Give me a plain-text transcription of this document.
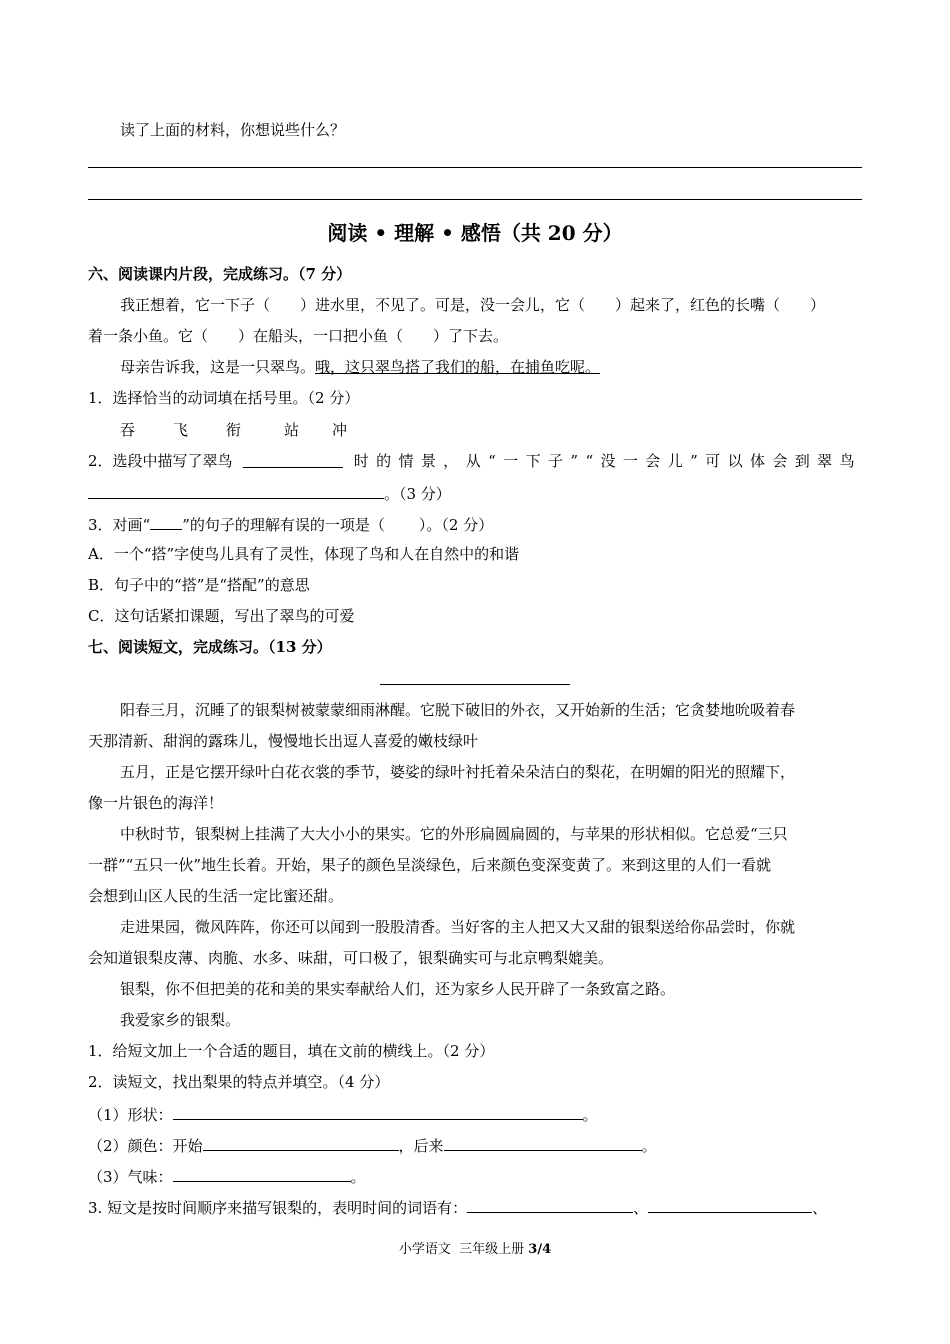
读了上面的材料，你想说些什么？
阅读 • 理解 • 感悟（共 20 分）
六、阅读课内片段，完成练习。（7 分）
我正想着，它一下子（ ）进水里，不见了。可是，没一会儿，它（ ）起来了，红色的长嘴（ ）
着一条小鱼。它（ ）在船头，一口把小鱼（ ）了下去。
母亲告诉我，这是一只翠鸟。哦，这只翠鸟搭了我们的船，在捕鱼吃呢。
1．选择恰当的动词填在括号里。（2 分）
吞	飞	衔	站 冲
2．选段中描写了翠鸟	时的情景，从“一下子”“没一会儿”可以体会到翠鸟
。（3 分）
3．对画“ ”的句子的理解有误的一项是（ ）。（2 分）
A．一个“搭”字使鸟儿具有了灵性，体现了鸟和人在自然中的和谐
B．句子中的“搭”是“搭配”的意思
C．这句话紧扣课题，写出了翠鸟的可爱
七、阅读短文，完成练习。（13 分）
阳春三月，沉睡了的银梨树被蒙蒙细雨淋醒。它脱下破旧的外衣，又开始新的生活；它贪婪地吮吸着春
天那清新、甜润的露珠儿，慢慢地长出逗人喜爱的嫩枝绿叶
五月，正是它摆开绿叶白花衣裳的季节，婆娑的绿叶衬托着朵朵洁白的梨花，在明媚的阳光的照耀下，
像一片银色的海洋！
中秋时节，银梨树上挂满了大大小小的果实。它的外形扁圆扁圆的，与苹果的形状相似。它总爱“三只
一群”“五只一伙”地生长着。开始，果子的颜色呈淡绿色，后来颜色变深变黄了。来到这里的人们一看就
会想到山区人民的生活一定比蜜还甜。
走进果园，微风阵阵，你还可以闻到一股股清香。当好客的主人把又大又甜的银梨送给你品尝时，你就
会知道银梨皮薄、肉脆、水多、味甜，可口极了，银梨确实可与北京鸭梨媲美。
银梨，你不但把美的花和美的果实奉献给人们，还为家乡人民开辟了一条致富之路。
我爱家乡的银梨。
1．给短文加上一个合适的题目，填在文前的横线上。（2 分）
2．读短文，找出梨果的特点并填空。（4 分）
（1）形状：	。
（2）颜色：开始	，后来	。
（3）气味：	。
3. 短文是按时间顺序来描写银梨的，表明时间的词语有：	、	、
小学语文  三年级上册 3/4
